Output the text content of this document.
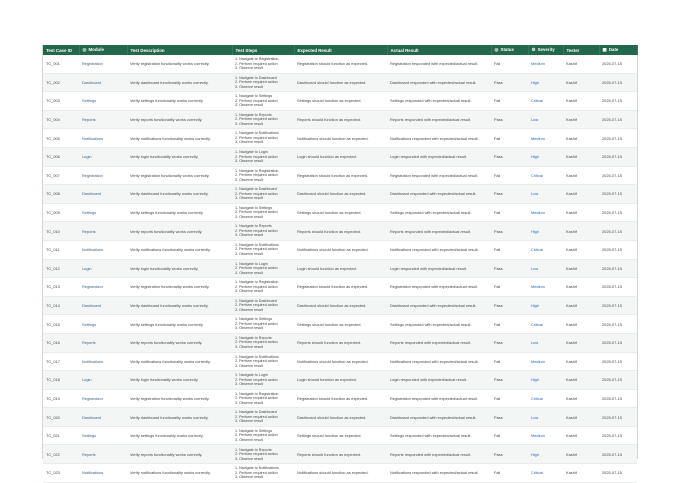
Test Case ID	◎ Module	Test Description	Test Steps	Expected Result	Actual Result	◎ Status	⚙ Severity	Tester	▦ Date
TC_001	Registration	Verify registration functionality works correctly.	1. Navigate to Registration
2. Perform required action
3. Observe result	Registration should function as expected.	Registration responded with expected/actual result.	Fail	Medium	Kashif	2025-07-15
TC_002	Dashboard	Verify dashboard functionality works correctly.	1. Navigate to Dashboard
2. Perform required action
3. Observe result	Dashboard should function as expected.	Dashboard responded with expected/actual result.	Pass	High	Kashif	2025-07-15
TC_003	Settings	Verify settings functionality works correctly.	1. Navigate to Settings
2. Perform required action
3. Observe result	Settings should function as expected.	Settings responded with expected/actual result.	Fail	Critical	Kashif	2025-07-15
TC_004	Reports	Verify reports functionality works correctly.	1. Navigate to Reports
2. Perform required action
3. Observe result	Reports should function as expected.	Reports responded with expected/actual result.	Pass	Low	Kashif	2025-07-15
TC_005	Notifications	Verify notifications functionality works correctly.	1. Navigate to Notifications
2. Perform required action
3. Observe result	Notifications should function as expected.	Notifications responded with expected/actual result.	Fail	Medium	Kashif	2025-07-15
TC_006	Login	Verify login functionality works correctly.	1. Navigate to Login
2. Perform required action
3. Observe result	Login should function as expected.	Login responded with expected/actual result.	Pass	High	Kashif	2025-07-15
TC_007	Registration	Verify registration functionality works correctly.	1. Navigate to Registration
2. Perform required action
3. Observe result	Registration should function as expected.	Registration responded with expected/actual result.	Fail	Critical	Kashif	2025-07-15
TC_008	Dashboard	Verify dashboard functionality works correctly.	1. Navigate to Dashboard
2. Perform required action
3. Observe result	Dashboard should function as expected.	Dashboard responded with expected/actual result.	Pass	Low	Kashif	2025-07-15
TC_009	Settings	Verify settings functionality works correctly.	1. Navigate to Settings
2. Perform required action
3. Observe result	Settings should function as expected.	Settings responded with expected/actual result.	Fail	Medium	Kashif	2025-07-15
TC_010	Reports	Verify reports functionality works correctly.	1. Navigate to Reports
2. Perform required action
3. Observe result	Reports should function as expected.	Reports responded with expected/actual result.	Pass	High	Kashif	2025-07-15
TC_011	Notifications	Verify notifications functionality works correctly.	1. Navigate to Notifications
2. Perform required action
3. Observe result	Notifications should function as expected.	Notifications responded with expected/actual result.	Fail	Critical	Kashif	2025-07-15
TC_012	Login	Verify login functionality works correctly.	1. Navigate to Login
2. Perform required action
3. Observe result	Login should function as expected.	Login responded with expected/actual result.	Pass	Low	Kashif	2025-07-15
TC_013	Registration	Verify registration functionality works correctly.	1. Navigate to Registration
2. Perform required action
3. Observe result	Registration should function as expected.	Registration responded with expected/actual result.	Fail	Medium	Kashif	2025-07-15
TC_014	Dashboard	Verify dashboard functionality works correctly.	1. Navigate to Dashboard
2. Perform required action
3. Observe result	Dashboard should function as expected.	Dashboard responded with expected/actual result.	Pass	High	Kashif	2025-07-15
TC_015	Settings	Verify settings functionality works correctly.	1. Navigate to Settings
2. Perform required action
3. Observe result	Settings should function as expected.	Settings responded with expected/actual result.	Fail	Critical	Kashif	2025-07-15
TC_016	Reports	Verify reports functionality works correctly.	1. Navigate to Reports
2. Perform required action
3. Observe result	Reports should function as expected.	Reports responded with expected/actual result.	Pass	Low	Kashif	2025-07-15
TC_017	Notifications	Verify notifications functionality works correctly.	1. Navigate to Notifications
2. Perform required action
3. Observe result	Notifications should function as expected.	Notifications responded with expected/actual result.	Fail	Medium	Kashif	2025-07-15
TC_018	Login	Verify login functionality works correctly.	1. Navigate to Login
2. Perform required action
3. Observe result	Login should function as expected.	Login responded with expected/actual result.	Pass	High	Kashif	2025-07-15
TC_019	Registration	Verify registration functionality works correctly.	1. Navigate to Registration
2. Perform required action
3. Observe result	Registration should function as expected.	Registration responded with expected/actual result.	Fail	Critical	Kashif	2025-07-15
TC_020	Dashboard	Verify dashboard functionality works correctly.	1. Navigate to Dashboard
2. Perform required action
3. Observe result	Dashboard should function as expected.	Dashboard responded with expected/actual result.	Pass	Low	Kashif	2025-07-15
TC_021	Settings	Verify settings functionality works correctly.	1. Navigate to Settings
2. Perform required action
3. Observe result	Settings should function as expected.	Settings responded with expected/actual result.	Fail	Medium	Kashif	2025-07-15
TC_022	Reports	Verify reports functionality works correctly.	1. Navigate to Reports
2. Perform required action
3. Observe result	Reports should function as expected.	Reports responded with expected/actual result.	Pass	High	Kashif	2025-07-15
TC_023	Notifications	Verify notifications functionality works correctly.	1. Navigate to Notifications
2. Perform required action
3. Observe result	Notifications should function as expected.	Notifications responded with expected/actual result.	Fail	Critical	Kashif	2025-07-15
